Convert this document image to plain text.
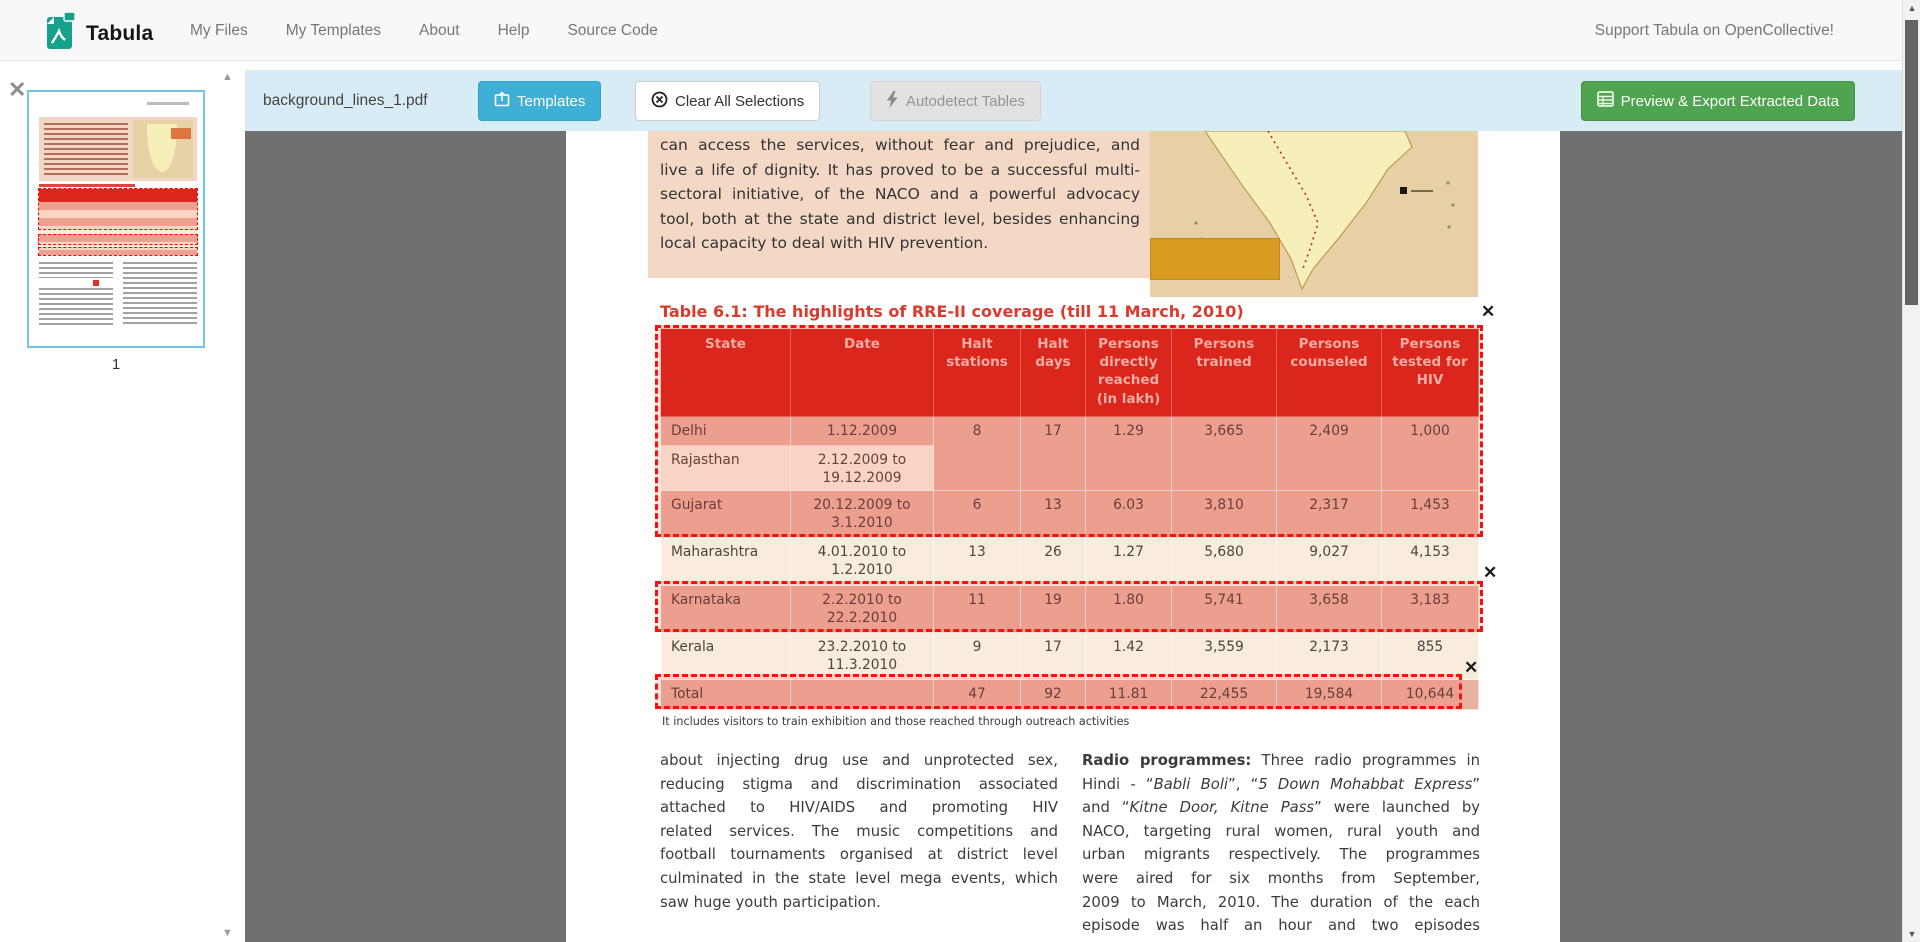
Tabula My Files My Templates About Help Source Code	Support Tabula on OpenCollective!
background_lines_1.pdf	Templates	Clear All Selections	Autodetect Tables	Preview & Export Extracted Data
✕
1
▲
▼
can access the services, without fear and prejudice, and
live a life of dignity. It has proved to be a successful multi-
sectoral initiative, of the NACO and a powerful advocacy
tool, both at the state and district level, besides enhancing
local capacity to deal with HIV prevention.
Table 6.1: The highlights of RRE-II coverage (till 11 March, 2010)
State	Date	Halt stations	Halt days	Persons directly reached (in lakh)	Persons trained	Persons counseled	Persons tested for HIV
Delhi	1.12.2009	8	17	1.29	3,665	2,409	1,000
Rajasthan	2.12.2009 to 19.12.2009						
Gujarat	20.12.2009 to 3.1.2010	6	13	6.03	3,810	2,317	1,453
Maharashtra	4.01.2010 to 1.2.2010	13	26	1.27	5,680	9,027	4,153
Karnataka	2.2.2010 to 22.2.2010	11	19	1.80	5,741	3,658	3,183
Kerala	23.2.2010 to 11.3.2010	9	17	1.42	3,559	2,173	855
Total		47	92	11.81	22,455	19,584	10,644
✕
✕
✕
It includes visitors to train exhibition and those reached through outreach activities
about injecting drug use and unprotected sex,
reducing stigma and discrimination associated
attached to HIV/AIDS and promoting HIV
related services. The music competitions and
football tournaments organised at district level
culminated in the state level mega events, which
saw huge youth participation.
Radio programmes: Three radio programmes in
Hindi - “Babli Boli”, “5 Down Mohabbat Express”
and “Kitne Door, Kitne Pass” were launched by
NACO, targeting rural women, rural youth and
urban migrants respectively. The programmes
were aired for six months from September,
2009 to March, 2010. The duration of the each
episode was half an hour and two episodes
▲
▼
